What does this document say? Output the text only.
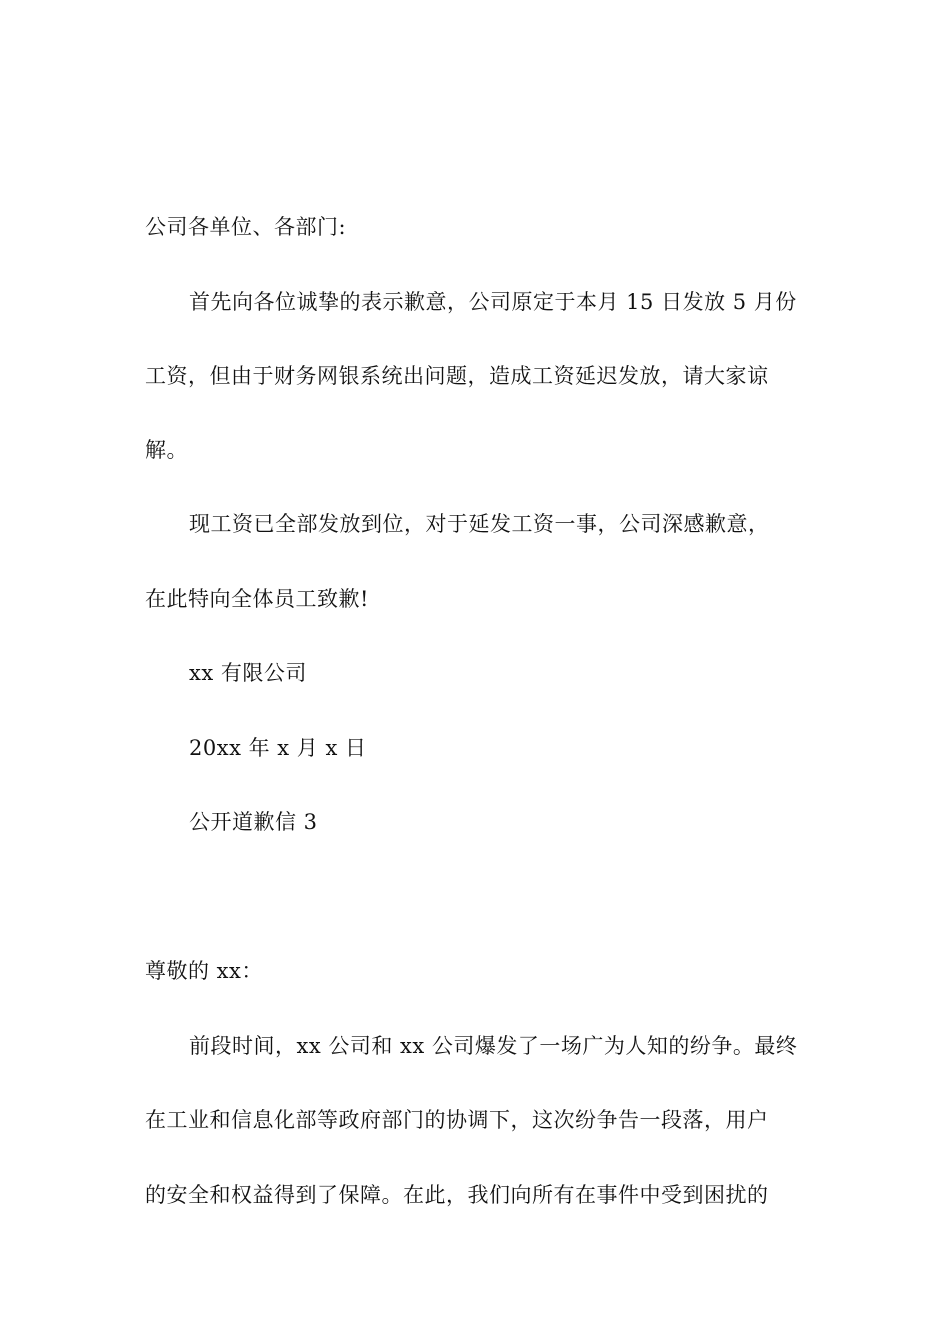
公司各单位、各部门:
首先向各位诚挚的表示歉意，公司原定于本月 15 日发放 5 月份
工资，但由于财务网银系统出问题，造成工资延迟发放，请大家谅
解。
现工资已全部发放到位，对于延发工资一事，公司深感歉意，
在此特向全体员工致歉!
xx 有限公司
20xx 年 x 月 x 日
公开道歉信 3
尊敬的 xx：
前段时间，xx 公司和 xx 公司爆发了一场广为人知的纷争。最终
在工业和信息化部等政府部门的协调下，这次纷争告一段落，用户
的安全和权益得到了保障。在此，我们向所有在事件中受到困扰的
